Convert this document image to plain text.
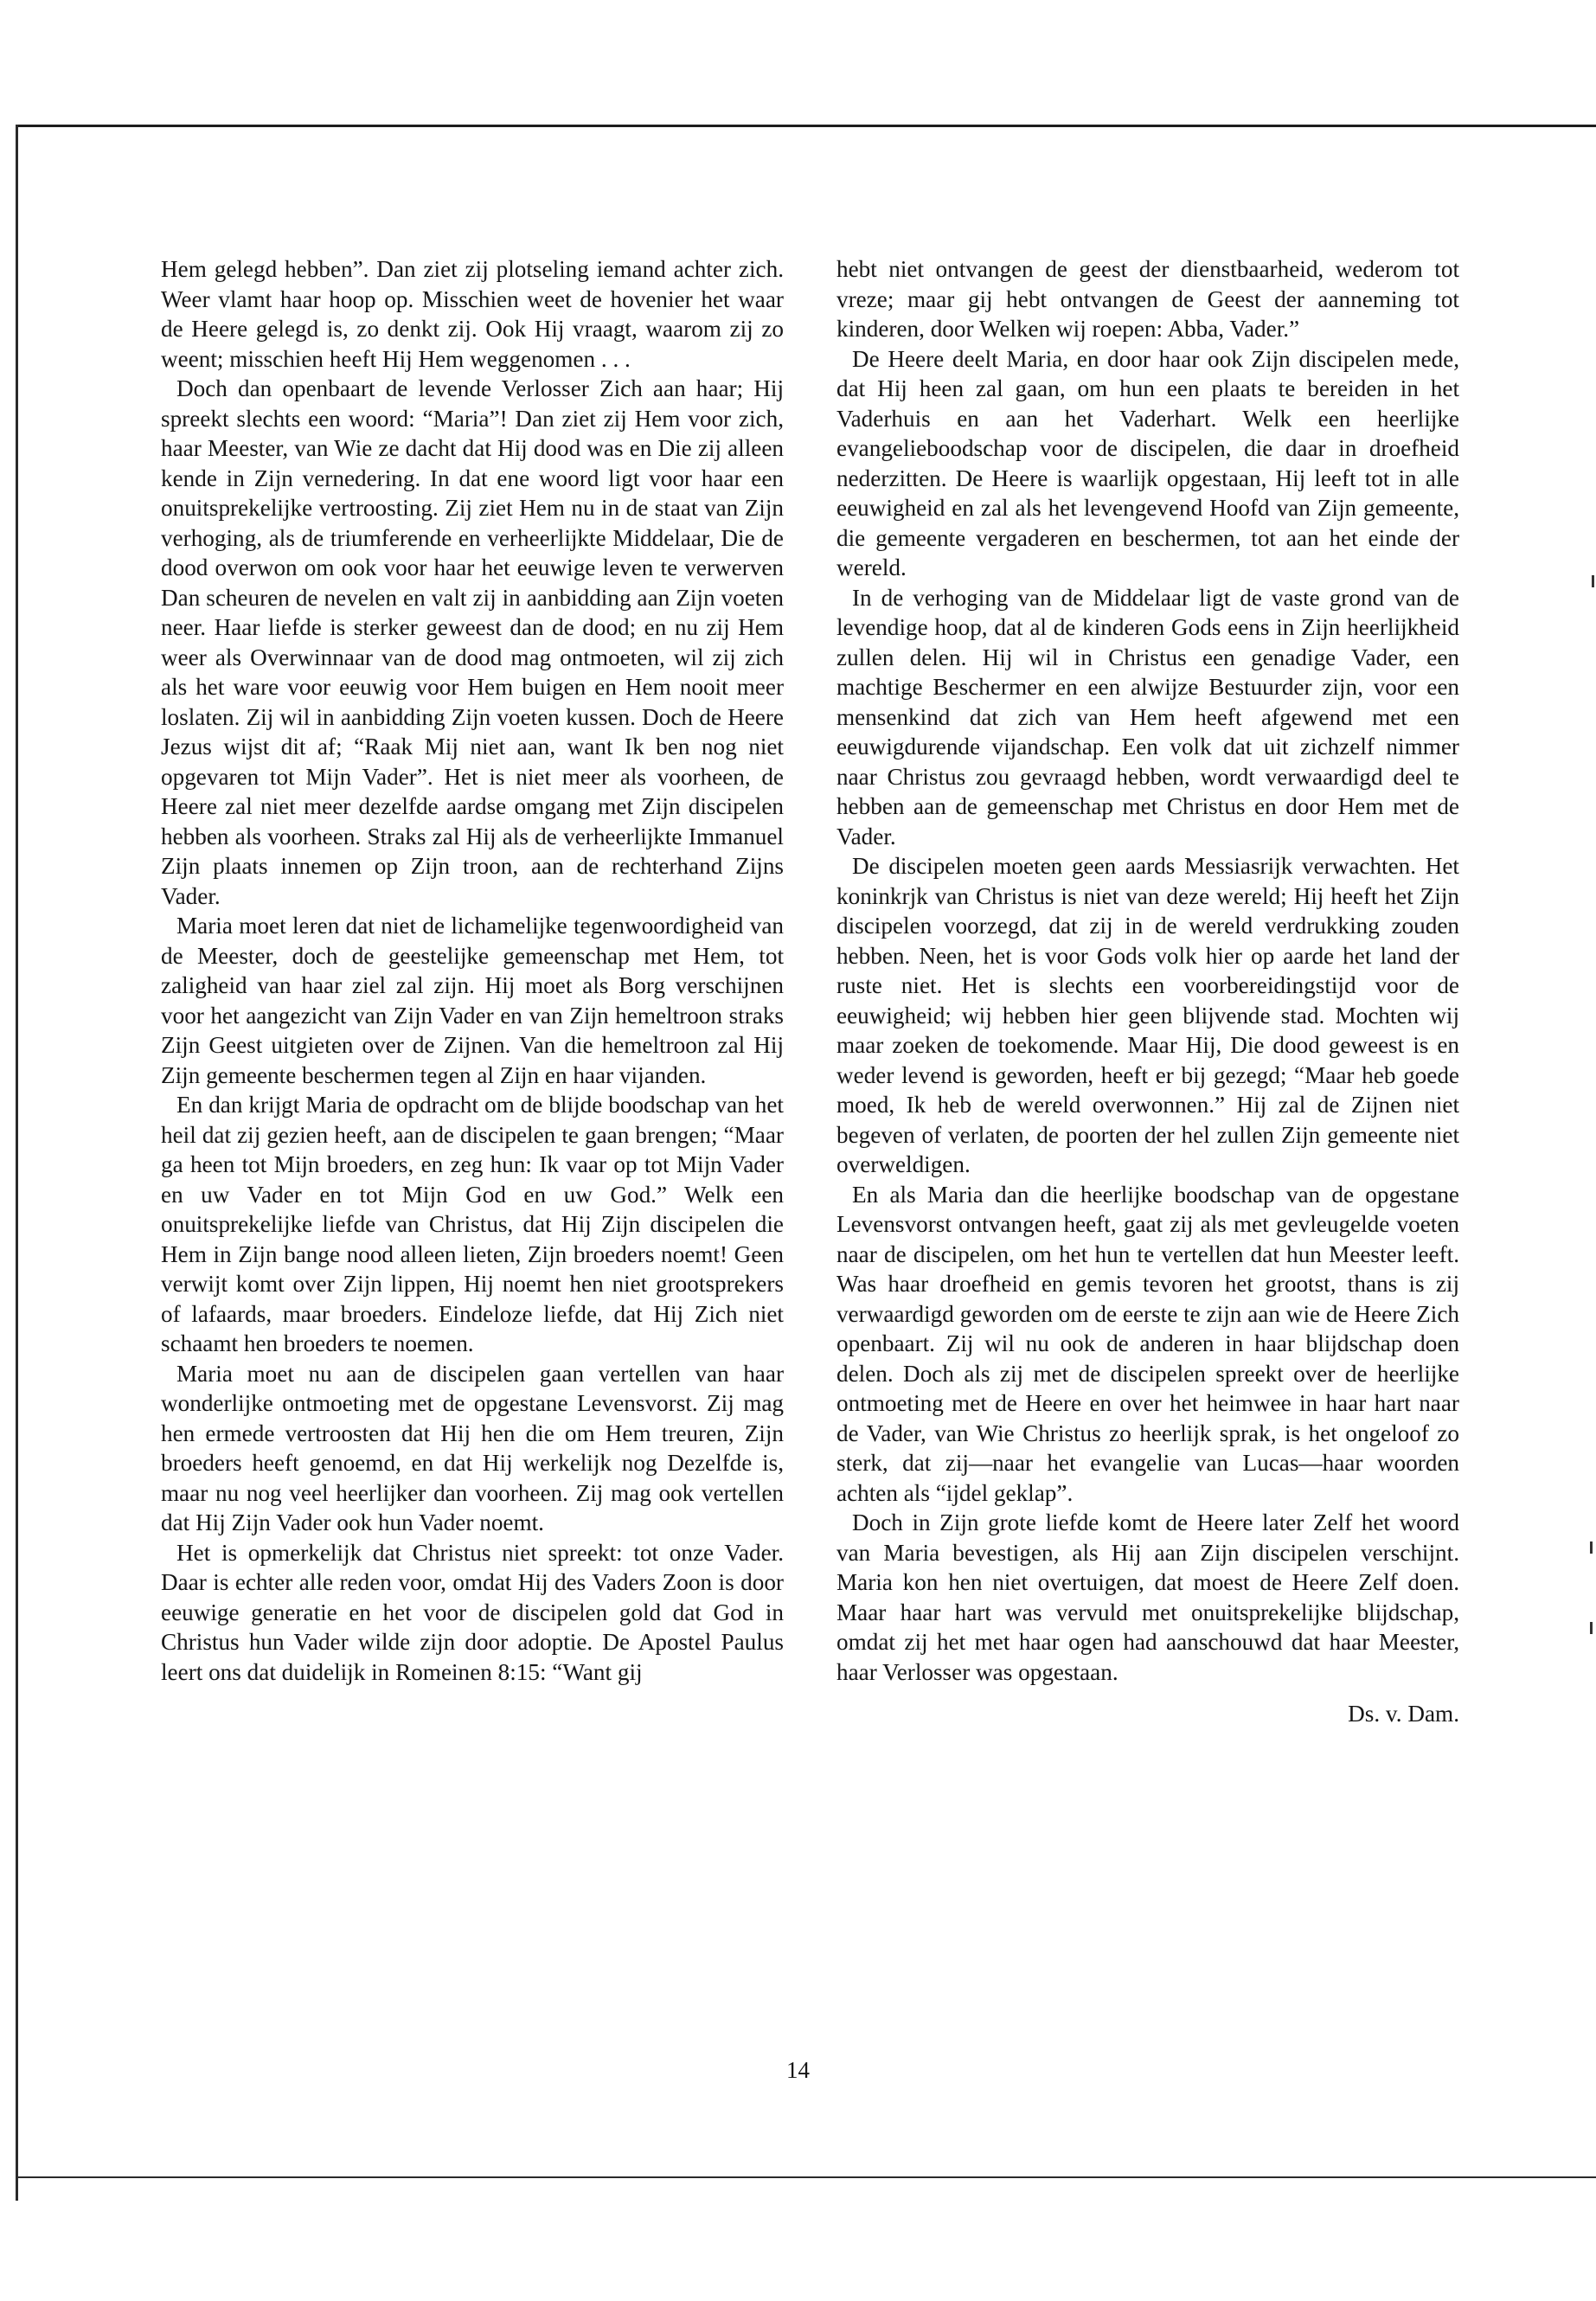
Hem gelegd hebben”. Dan ziet zij plotseling iemand achter zich. Weer vlamt haar hoop op. Misschien weet de hovenier het waar de Heere gelegd is, zo denkt zij. Ook Hij vraagt, waarom zij zo weent; misschien heeft Hij Hem weggenomen . . .

Doch dan openbaart de levende Verlosser Zich aan haar; Hij spreekt slechts een woord: “Maria”! Dan ziet zij Hem voor zich, haar Meester, van Wie ze dacht dat Hij dood was en Die zij alleen kende in Zijn vernedering. In dat ene woord ligt voor haar een onuitsprekelijke vertroosting. Zij ziet Hem nu in de staat van Zijn verhoging, als de triumferende en verheerlijkte Middelaar, Die de dood overwon om ook voor haar het eeuwige leven te verwerven Dan scheuren de nevelen en valt zij in aanbidding aan Zijn voeten neer. Haar liefde is sterker geweest dan de dood; en nu zij Hem weer als Overwinnaar van de dood mag ontmoeten, wil zij zich als het ware voor eeuwig voor Hem buigen en Hem nooit meer loslaten. Zij wil in aanbidding Zijn voeten kussen. Doch de Heere Jezus wijst dit af; “Raak Mij niet aan, want Ik ben nog niet opgevaren tot Mijn Vader”. Het is niet meer als voorheen, de Heere zal niet meer dezelfde aardse omgang met Zijn discipelen hebben als voorheen. Straks zal Hij als de verheerlijkte Immanuel Zijn plaats innemen op Zijn troon, aan de rechterhand Zijns Vader.

Maria moet leren dat niet de lichamelijke tegenwoordigheid van de Meester, doch de geestelijke gemeenschap met Hem, tot zaligheid van haar ziel zal zijn. Hij moet als Borg verschijnen voor het aangezicht van Zijn Vader en van Zijn hemeltroon straks Zijn Geest uitgieten over de Zijnen. Van die hemeltroon zal Hij Zijn gemeente beschermen tegen al Zijn en haar vijanden.

En dan krijgt Maria de opdracht om de blijde boodschap van het heil dat zij gezien heeft, aan de discipelen te gaan brengen; “Maar ga heen tot Mijn broeders, en zeg hun: Ik vaar op tot Mijn Vader en uw Vader en tot Mijn God en uw God.” Welk een onuitsprekelijke liefde van Christus, dat Hij Zijn discipelen die Hem in Zijn bange nood alleen lieten, Zijn broeders noemt! Geen verwijt komt over Zijn lippen, Hij noemt hen niet grootsprekers of lafaards, maar broeders. Eindeloze liefde, dat Hij Zich niet schaamt hen broeders te noemen.

Maria moet nu aan de discipelen gaan vertellen van haar wonderlijke ontmoeting met de opgestane Levensvorst. Zij mag hen ermede vertroosten dat Hij hen die om Hem treuren, Zijn broeders heeft genoemd, en dat Hij werkelijk nog Dezelfde is, maar nu nog veel heerlijker dan voorheen. Zij mag ook vertellen dat Hij Zijn Vader ook hun Vader noemt.

Het is opmerkelijk dat Christus niet spreekt: tot onze Vader. Daar is echter alle reden voor, omdat Hij des Vaders Zoon is door eeuwige generatie en het voor de discipelen gold dat God in Christus hun Vader wilde zijn door adoptie. De Apostel Paulus leert ons dat duidelijk in Romeinen 8:15: “Want gij

hebt niet ontvangen de geest der dienstbaarheid, wederom tot vreze; maar gij hebt ontvangen de Geest der aanneming tot kinderen, door Welken wij roepen: Abba, Vader.”

De Heere deelt Maria, en door haar ook Zijn discipelen mede, dat Hij heen zal gaan, om hun een plaats te bereiden in het Vaderhuis en aan het Vaderhart. Welk een heerlijke evangelieboodschap voor de discipelen, die daar in droefheid nederzitten. De Heere is waarlijk opgestaan, Hij leeft tot in alle eeuwigheid en zal als het levengevend Hoofd van Zijn gemeente, die gemeente vergaderen en beschermen, tot aan het einde der wereld.

In de verhoging van de Middelaar ligt de vaste grond van de levendige hoop, dat al de kinderen Gods eens in Zijn heerlijkheid zullen delen. Hij wil in Christus een genadige Vader, een machtige Beschermer en een alwijze Bestuurder zijn, voor een mensenkind dat zich van Hem heeft afgewend met een eeuwigdurende vijandschap. Een volk dat uit zichzelf nimmer naar Christus zou gevraagd hebben, wordt verwaardigd deel te hebben aan de gemeenschap met Christus en door Hem met de Vader.

De discipelen moeten geen aards Messiasrijk verwachten. Het koninkrjk van Christus is niet van deze wereld; Hij heeft het Zijn discipelen voorzegd, dat zij in de wereld verdrukking zouden hebben. Neen, het is voor Gods volk hier op aarde het land der ruste niet. Het is slechts een voorbereidingstijd voor de eeuwigheid; wij hebben hier geen blijvende stad. Mochten wij maar zoeken de toekomende. Maar Hij, Die dood geweest is en weder levend is geworden, heeft er bij gezegd; “Maar heb goede moed, Ik heb de wereld overwonnen.” Hij zal de Zijnen niet begeven of verlaten, de poorten der hel zullen Zijn gemeente niet overweldigen.

En als Maria dan die heerlijke boodschap van de opgestane Levensvorst ontvangen heeft, gaat zij als met gevleugelde voeten naar de discipelen, om het hun te vertellen dat hun Meester leeft. Was haar droefheid en gemis tevoren het grootst, thans is zij verwaardigd geworden om de eerste te zijn aan wie de Heere Zich openbaart. Zij wil nu ook de anderen in haar blijdschap doen delen. Doch als zij met de discipelen spreekt over de heerlijke ontmoeting met de Heere en over het heimwee in haar hart naar de Vader, van Wie Christus zo heerlijk sprak, is het ongeloof zo sterk, dat zij—naar het evangelie van Lucas—haar woorden achten als “ijdel geklap”.

Doch in Zijn grote liefde komt de Heere later Zelf het woord van Maria bevestigen, als Hij aan Zijn discipelen verschijnt. Maria kon hen niet overtuigen, dat moest de Heere Zelf doen. Maar haar hart was vervuld met onuitsprekelijke blijdschap, omdat zij het met haar ogen had aanschouwd dat haar Meester, haar Verlosser was opgestaan.

Ds. v. Dam.
14
